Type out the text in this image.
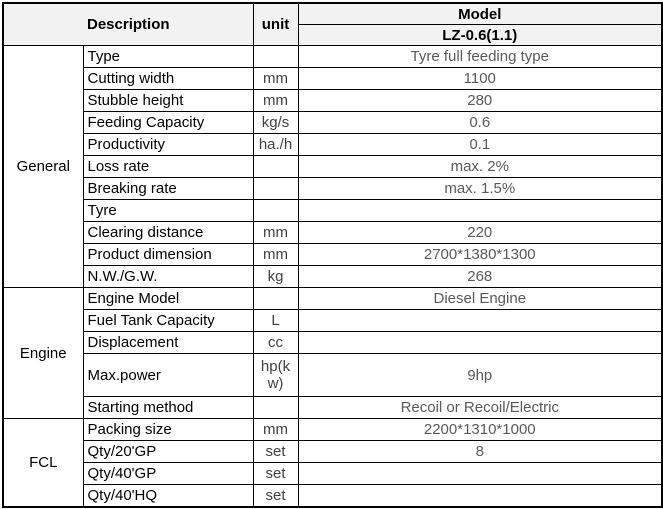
Description		unit	Model
			LZ-0.6(1.1)
General	Type		Tyre full feeding type
	Cutting width	mm	1100
	Stubble height	mm	280
	Feeding Capacity	kg/s	0.6
	Productivity	ha./h	0.1
	Loss rate		max. 2%
	Breaking rate		max. 1.5%
	Tyre		
	Clearing distance	mm	220
	Product dimension	mm	2700*1380*1300
	N.W./G.W.	kg	268
Engine	Engine Model		Diesel Engine
	Fuel Tank Capacity	L	
	Displacement	cc	
	Max.power	hp(kw)	9hp
	Starting method		Recoil or Recoil/Electric
FCL	Packing size	mm	2200*1310*1000
	Qty/20'GP	set	8
	Qty/40'GP	set	
	Qty/40'HQ	set	
